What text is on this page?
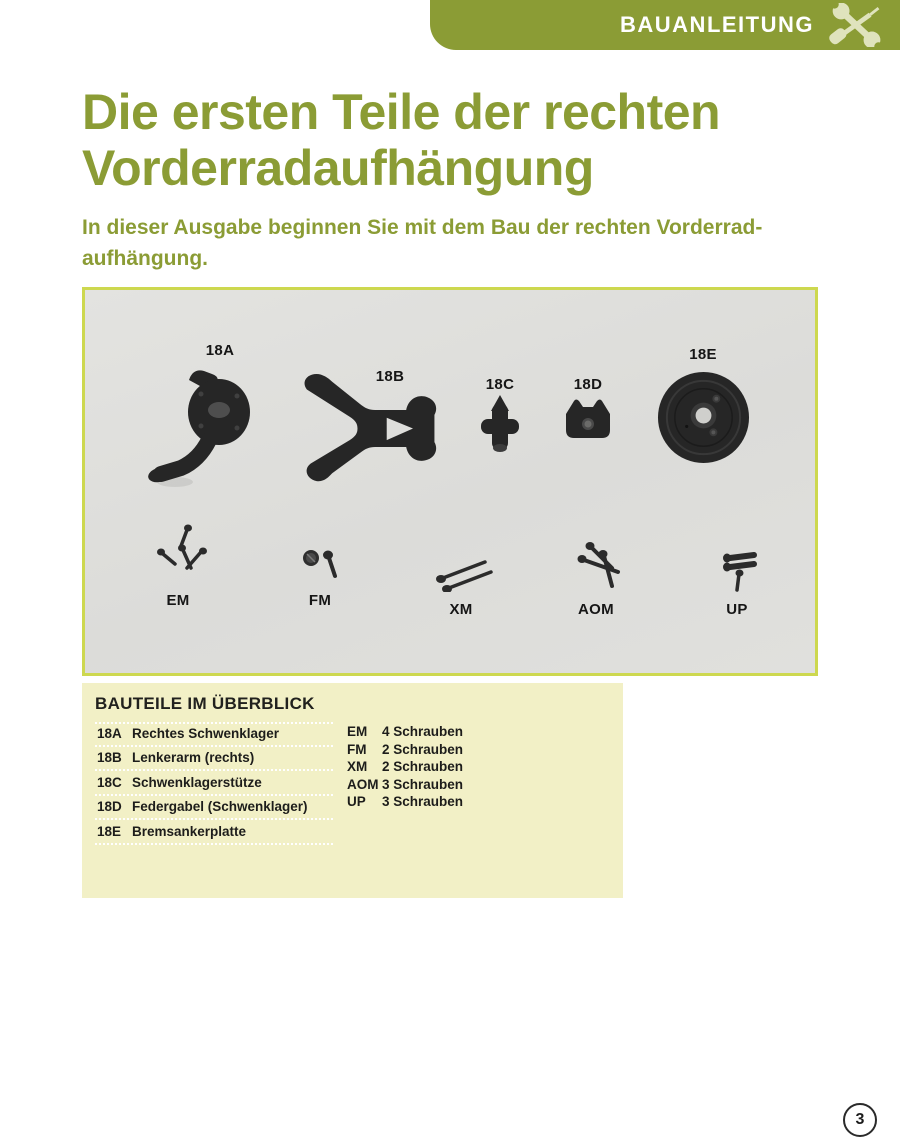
BAUANLEITUNG
Die ersten Teile der rechten
Vorderradaufhängung

In dieser Ausgabe beginnen Sie mit dem Bau der rechten Vorderrad-
aufhängung.

18A
18B	18C	18D
18E
EM	FM
XM	AOM	UP
BAUTEILE IM ÜBERBLICK
18A Rechtes Schwenklager
18B Lenkerarm (rechts)
18C Schwenklagerstütze
18D Federgabel (Schwenklager)
18E Bremsankerplatte
EM	4 Schrauben
FM	2 Schrauben
XM	2 Schrauben
AOM 3 Schrauben
UP	3 Schrauben
3
